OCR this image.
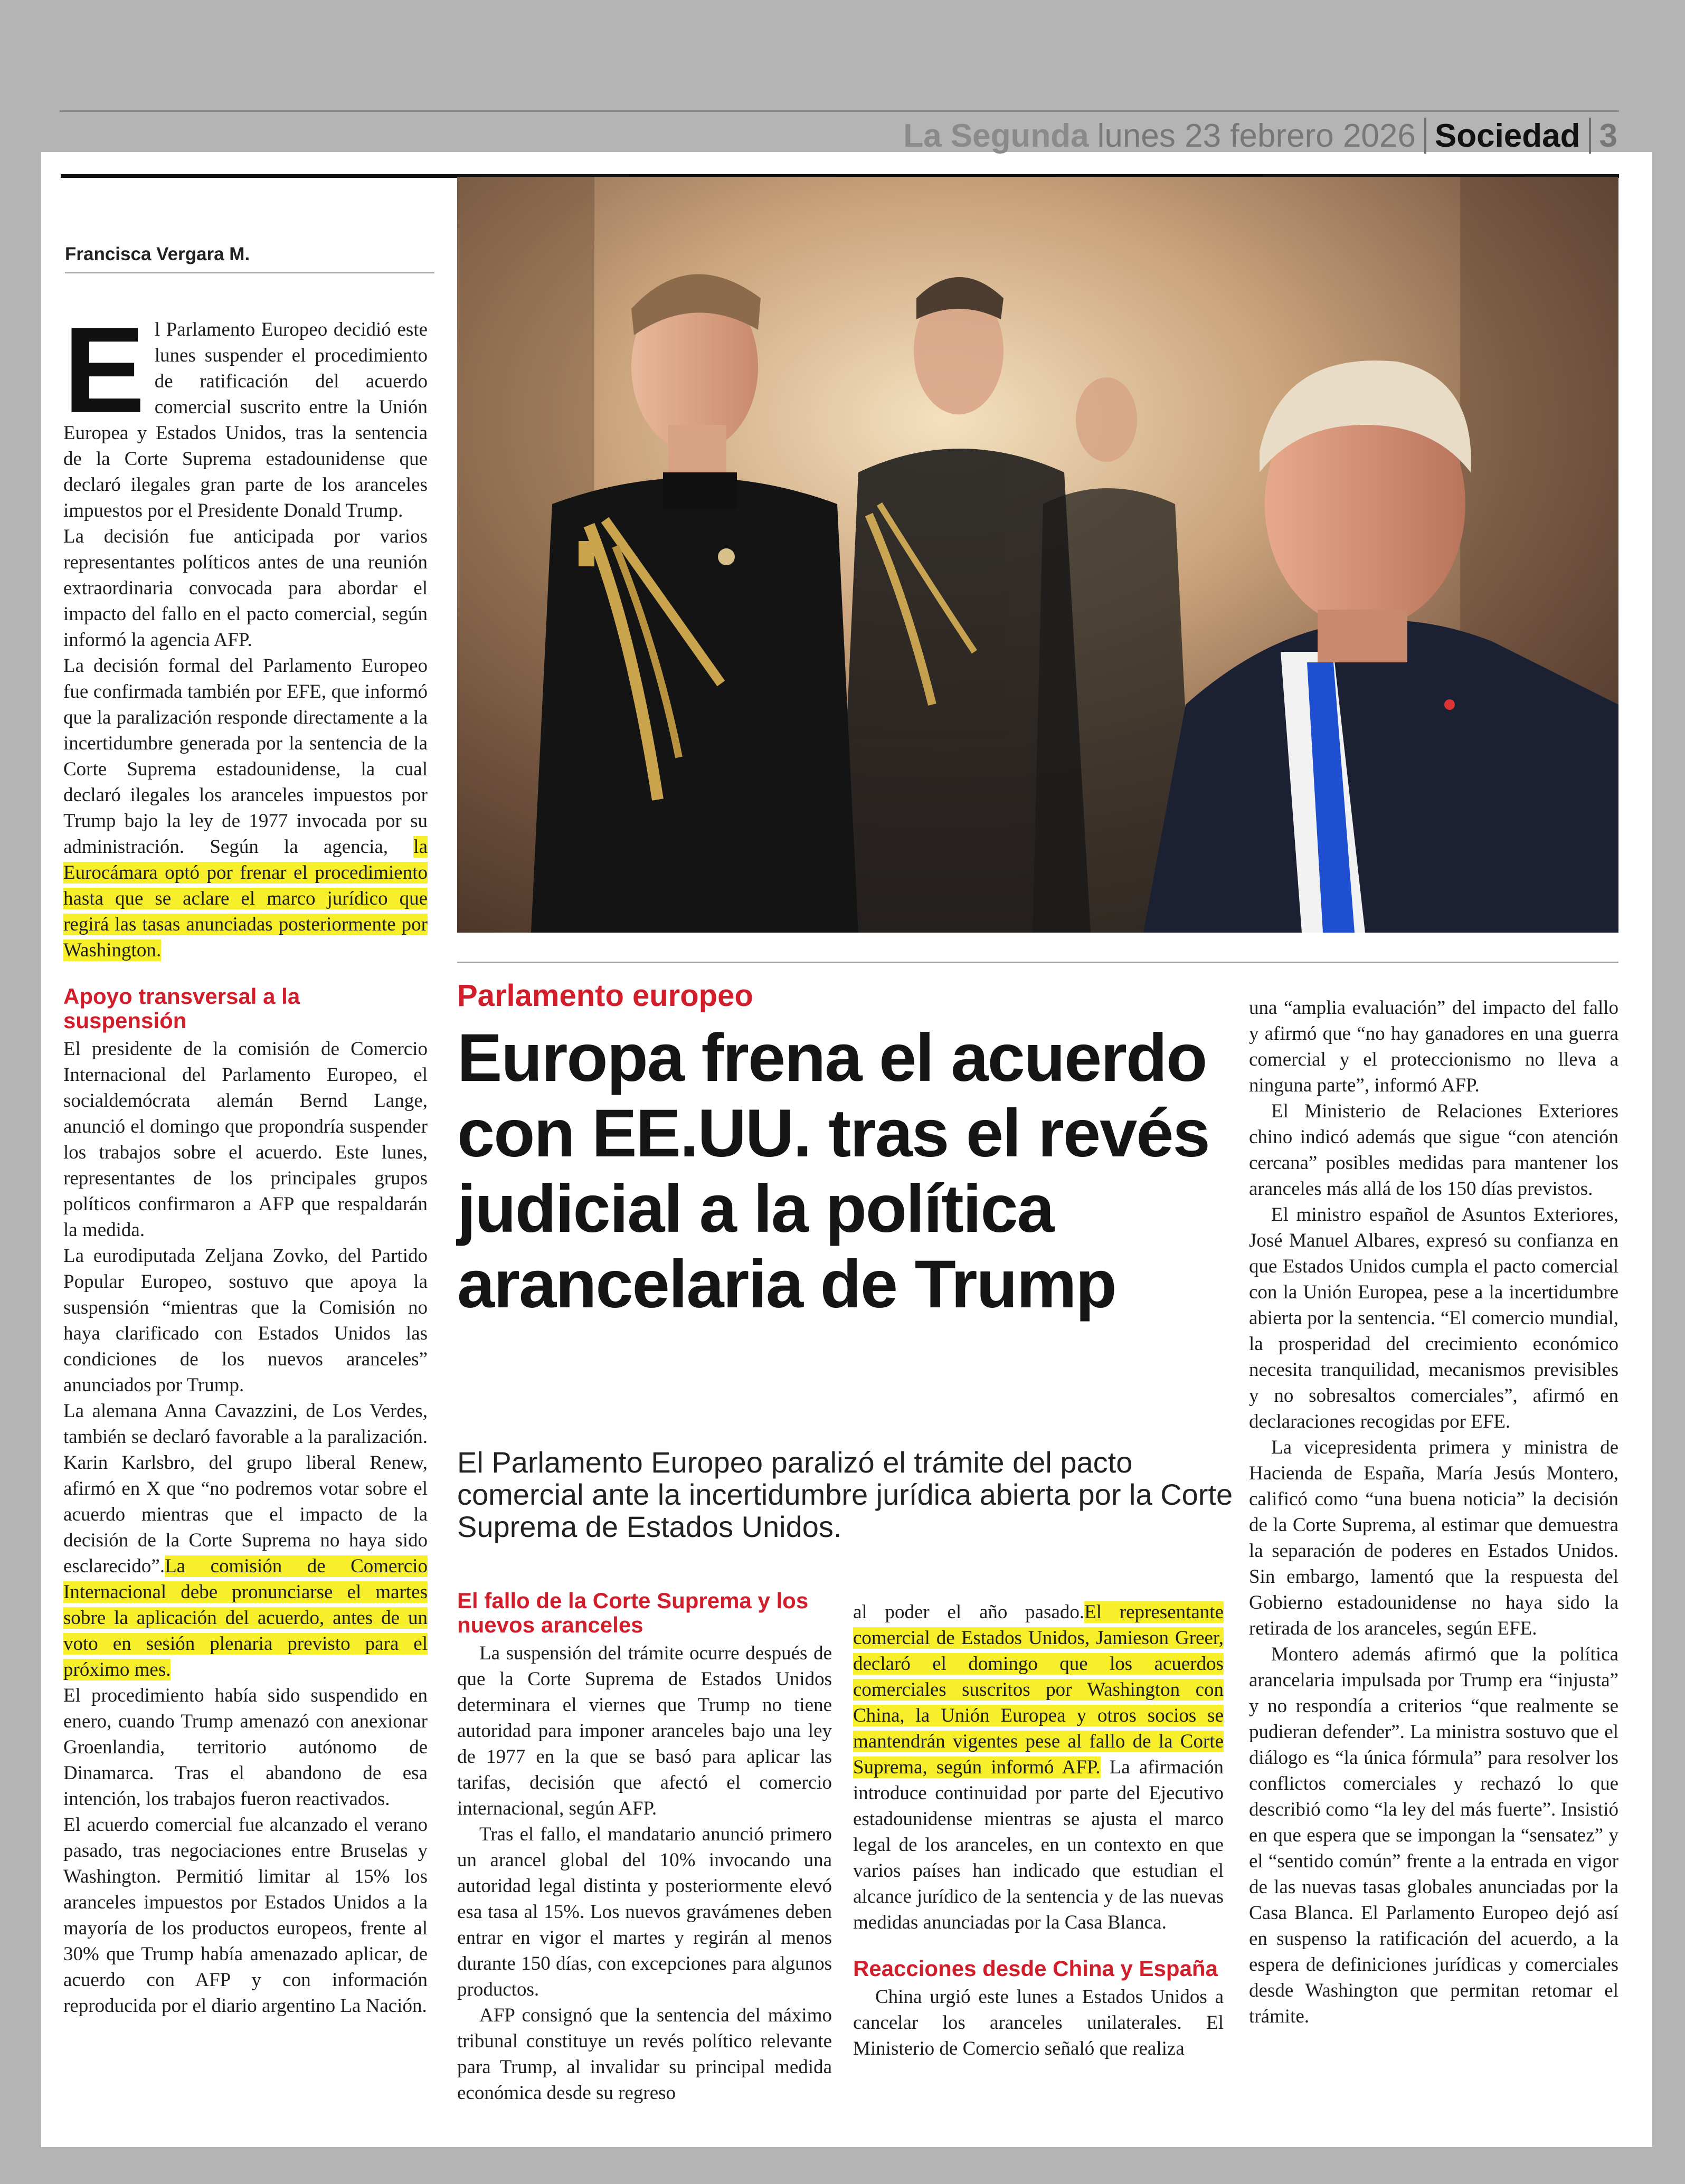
La Segunda lunes 23 febrero 2026 Sociedad 3
Francisca Vergara M.

El Parlamento Europeo decidió este lunes suspender el procedimiento de ratificación del acuerdo comercial suscrito entre la Unión Europea y Estados Unidos, tras la sentencia de la Corte Suprema estadounidense que declaró ilegales gran parte de los aranceles impuestos por el Presidente Donald Trump.

La decisión fue anticipada por varios representantes políticos antes de una reunión extraordinaria convocada para abordar el impacto del fallo en el pacto comercial, según informó la agencia AFP.

La decisión formal del Parlamento Europeo fue confirmada también por EFE, que informó que la paralización responde directamente a la incertidumbre generada por la sentencia de la Corte Suprema estadounidense, la cual declaró ilegales los aranceles impuestos por Trump bajo la ley de 1977 invocada por su administración. Según la agencia, la Eurocámara optó por frenar el procedimiento hasta que se aclare el marco jurídico que regirá las tasas anunciadas posteriormente por Washington.

Apoyo transversal a la suspensión

El presidente de la comisión de Comercio Internacional del Parlamento Europeo, el socialdemócrata alemán Bernd Lange, anunció el domingo que propondría suspender los trabajos sobre el acuerdo. Este lunes, representantes de los principales grupos políticos confirmaron a AFP que respaldarán la medida.

La eurodiputada Zeljana Zovko, del Partido Popular Europeo, sostuvo que apoya la suspensión “mientras que la Comisión no haya clarificado con Estados Unidos las condiciones de los nuevos aranceles” anunciados por Trump.

La alemana Anna Cavazzini, de Los Verdes, también se declaró favorable a la paralización. Karin Karlsbro, del grupo liberal Renew, afirmó en X que “no podremos votar sobre el acuerdo mientras que el impacto de la decisión de la Corte Suprema no haya sido esclarecido”.La comisión de Comercio Internacional debe pronunciarse el martes sobre la aplicación del acuerdo, antes de un voto en sesión plenaria previsto para el próximo mes.

El procedimiento había sido suspendido en enero, cuando Trump amenazó con anexionar Groenlandia, territorio autónomo de Dinamarca. Tras el abandono de esa intención, los trabajos fueron reactivados.

El acuerdo comercial fue alcanzado el verano pasado, tras negociaciones entre Bruselas y Washington. Permitió limitar al 15% los aranceles impuestos por Estados Unidos a la mayoría de los productos europeos, frente al 30% que Trump había amenazado aplicar, de acuerdo con AFP y con información reproducida por el diario argentino La Nación.

Parlamento europeo
Europa frena el acuerdo con EE.UU. tras el revés judicial a la política arancelaria de Trump
El Parlamento Europeo paralizó el trámite del pacto comercial ante la incertidumbre jurídica abierta por la Corte Suprema de Estados Unidos.
El fallo de la Corte Suprema y los nuevos aranceles

La suspensión del trámite ocurre después de que la Corte Suprema de Estados Unidos determinara el viernes que Trump no tiene autoridad para imponer aranceles bajo una ley de 1977 en la que se basó para aplicar las tarifas, decisión que afectó el comercio internacional, según AFP.

Tras el fallo, el mandatario anunció primero un arancel global del 10% invocando una autoridad legal distinta y posteriormente elevó esa tasa al 15%. Los nuevos gravámenes deben entrar en vigor el martes y regirán al menos durante 150 días, con excepciones para algunos productos.

AFP consignó que la sentencia del máximo tribunal constituye un revés político relevante para Trump, al invalidar su principal medida económica desde su regreso

al poder el año pasado.El representante comercial de Estados Unidos, Jamieson Greer, declaró el domingo que los acuerdos comerciales suscritos por Washington con China, la Unión Europea y otros socios se mantendrán vigentes pese al fallo de la Corte Suprema, según informó AFP. La afirmación introduce continuidad por parte del Ejecutivo estadounidense mientras se ajusta el marco legal de los aranceles, en un contexto en que varios países han indicado que estudian el alcance jurídico de la sentencia y de las nuevas medidas anunciadas por la Casa Blanca.

Reacciones desde China y España

China urgió este lunes a Estados Unidos a cancelar los aranceles unilaterales. El Ministerio de Comercio señaló que realiza

una “amplia evaluación” del impacto del fallo y afirmó que “no hay ganadores en una guerra comercial y el proteccionismo no lleva a ninguna parte”, informó AFP.

El Ministerio de Relaciones Exteriores chino indicó además que sigue “con atención cercana” posibles medidas para mantener los aranceles más allá de los 150 días previstos.

El ministro español de Asuntos Exteriores, José Manuel Albares, expresó su confianza en que Estados Unidos cumpla el pacto comercial con la Unión Europea, pese a la incertidumbre abierta por la sentencia. “El comercio mundial, la prosperidad del crecimiento económico necesita tranquilidad, mecanismos previsibles y no sobresaltos comerciales”, afirmó en declaraciones recogidas por EFE.

La vicepresidenta primera y ministra de Hacienda de España, María Jesús Montero, calificó como “una buena noticia” la decisión de la Corte Suprema, al estimar que demuestra la separación de poderes en Estados Unidos. Sin embargo, lamentó que la respuesta del Gobierno estadounidense no haya sido la retirada de los aranceles, según EFE.

Montero además afirmó que la política arancelaria impulsada por Trump era “injusta” y no respondía a criterios “que realmente se pudieran defender”. La ministra sostuvo que el diálogo es “la única fórmula” para resolver los conflictos comerciales y rechazó lo que describió como “la ley del más fuerte”. Insistió en que espera que se impongan la “sensatez” y el “sentido común” frente a la entrada en vigor de las nuevas tasas globales anunciadas por la Casa Blanca. El Parlamento Europeo dejó así en suspenso la ratificación del acuerdo, a la espera de definiciones jurídicas y comerciales desde Washington que permitan retomar el trámite.
